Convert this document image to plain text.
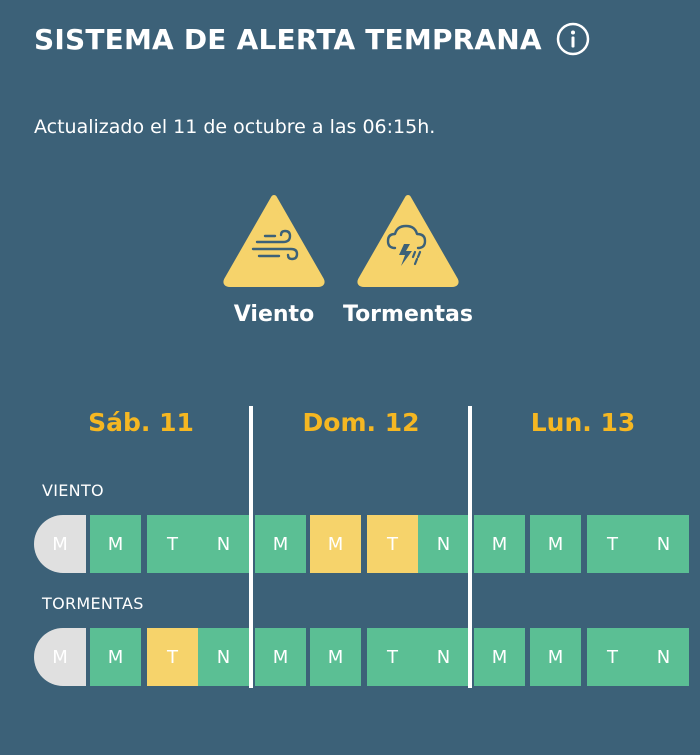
SISTEMA DE ALERTA TEMPRANA

Actualizado el 11 de octubre a las 06:15h.

Viento	Tormentas
Sáb. 11	Dom. 12	Lun. 13
VIENTO
M	M	T	N	M	M	T	N	M	M	T	N
TORMENTAS
M	M	T	N	M	M	T	N	M	M	T	N
